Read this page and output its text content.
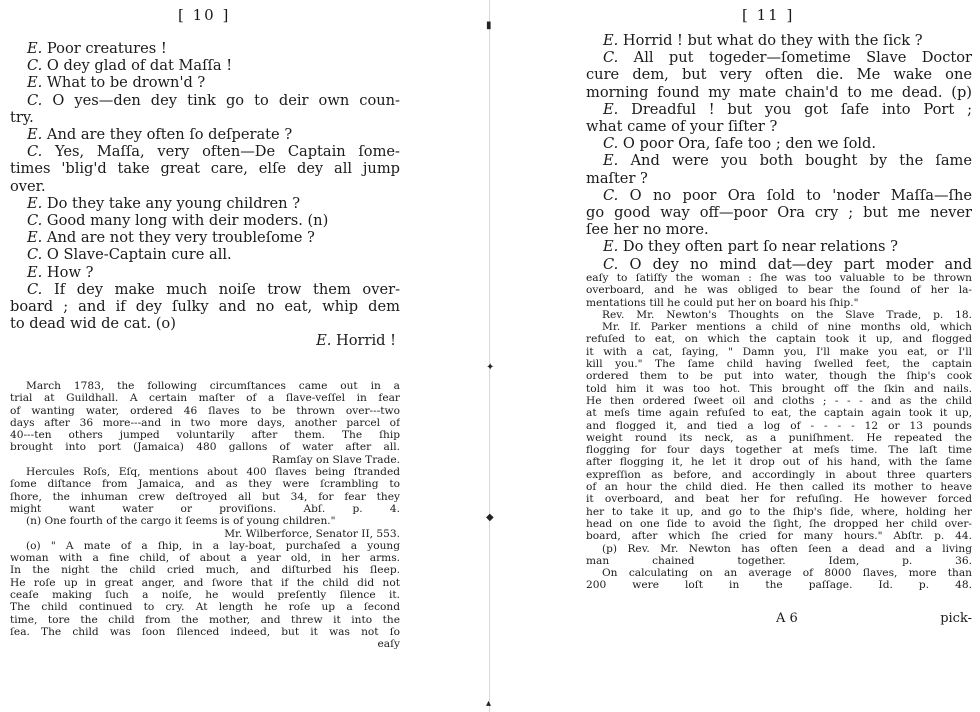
▮
✦
◆
▴
[ 10 ]
E. Poor creatures !
C. O dey glad of dat Maſſa !
E. What to be drown'd ?
C. O yes—den dey tink go to deir own coun-
try.
E. And are they often ſo deſperate ?
C. Yes, Maſſa, very often—De Captain ſome-
times 'blig'd take great care, elſe dey all jump
over.
E. Do they take any young children ?
C. Good many long with deir moders. (n)
E. And are not they very troubleſome ?
C. O Slave-Captain cure all.
E. How ?
C. If dey make much noiſe trow them over-
board ; and if dey ſulky and no eat, whip dem
to dead wid de cat. (o)
E. Horrid !
March 1783, the following circumſtances came out in a
trial at Guildhall. A certain maſter of a ſlave-veſſel in fear
of wanting water, ordered 46 ſlaves to be thrown over---two
days after 36 more---and in two more days, another parcel of
40---ten others jumped voluntarily after them. The ſhip
brought into port (Jamaica) 480 gallons of water after all.
Ramſay on Slave Trade.
Hercules Roſs, Eſq, mentions about 400 ſlaves being ſtranded
ſome diſtance from Jamaica, and as they were ſcrambling to
ſhore, the inhuman crew deſtroyed all but 34, for fear they
might want water or proviſions. Abſ. p. 4.
(n) One fourth of the cargo it ſeems is of young children."
Mr. Wilberforce, Senator II, 553.
(o) " A mate of a ſhip, in a lay-boat, purchaſed a young
woman with a fine child, of about a year old, in her arms.
In the night the child cried much, and diſturbed his ſleep.
He roſe up in great anger, and ſwore that if the child did not
ceaſe making ſuch a noiſe, he would preſently ſilence it.
The child continued to cry. At length he roſe up a ſecond
time, tore the child from the mother, and threw it into the
ſea. The child was ſoon ſilenced indeed, but it was not ſo
eaſy
[ 11 ]
E. Horrid ! but what do they with the ſick ?
C. All put togeder—ſometime Slave Doctor
cure dem, but very often die. Me wake one
morning found my mate chain'd to me dead. (p)
E. Dreadful ! but you got ſafe into Port ;
what came of your ſiſter ?
C. O poor Ora, ſafe too ; den we ſold.
E. And were you both bought by the ſame
maſter ?
C. O no poor Ora ſold to 'noder Maſſa—ſhe
go good way off—poor Ora cry ; but me never
ſee her no more.
E. Do they often part ſo near relations ?
C. O dey no mind dat—dey part moder and
eaſy to ſatiſfy the woman : ſhe was too valuable to be thrown
overboard, and he was obliged to bear the ſound of her la-
mentations till he could put her on board his ſhip."
Rev. Mr. Newton's Thoughts on the Slave Trade, p. 18.
Mr. If. Parker mentions a child of nine months old, which
refuſed to eat, on which the captain took it up, and flogged
it with a cat, ſaying, " Damn you, I'll make you eat, or I'll
kill you." The ſame child having ſwelled feet, the captain
ordered them to be put into water, though the ſhip's cook
told him it was too hot. This brought off the ſkin and nails.
He then ordered ſweet oil and cloths ; - - - and as the child
at meſs time again refuſed to eat, the captain again took it up,
and flogged it, and tied a log of - - - - 12 or 13 pounds
weight round its neck, as a puniſhment. He repeated the
flogging for four days together at meſs time. The laſt time
after flogging it, he let it drop out of his hand, with the ſame
expreſſion as before, and accordingly in about three quarters
of an hour the child died. He then called its mother to heave
it overboard, and beat her for refuſing. He however forced
her to take it up, and go to the ſhip's ſide, where, holding her
head on one ſide to avoid the ſight, ſhe dropped her child over-
board, after which ſhe cried for many hours." Abſtr. p. 44.
(p) Rev. Mr. Newton has often ſeen a dead and a living
man chained together. Idem, p. 36.
On calculating on an average of 8000 ſlaves, more than
200 were loſt in the paſſage. Id. p. 48.
A 6	pick-
